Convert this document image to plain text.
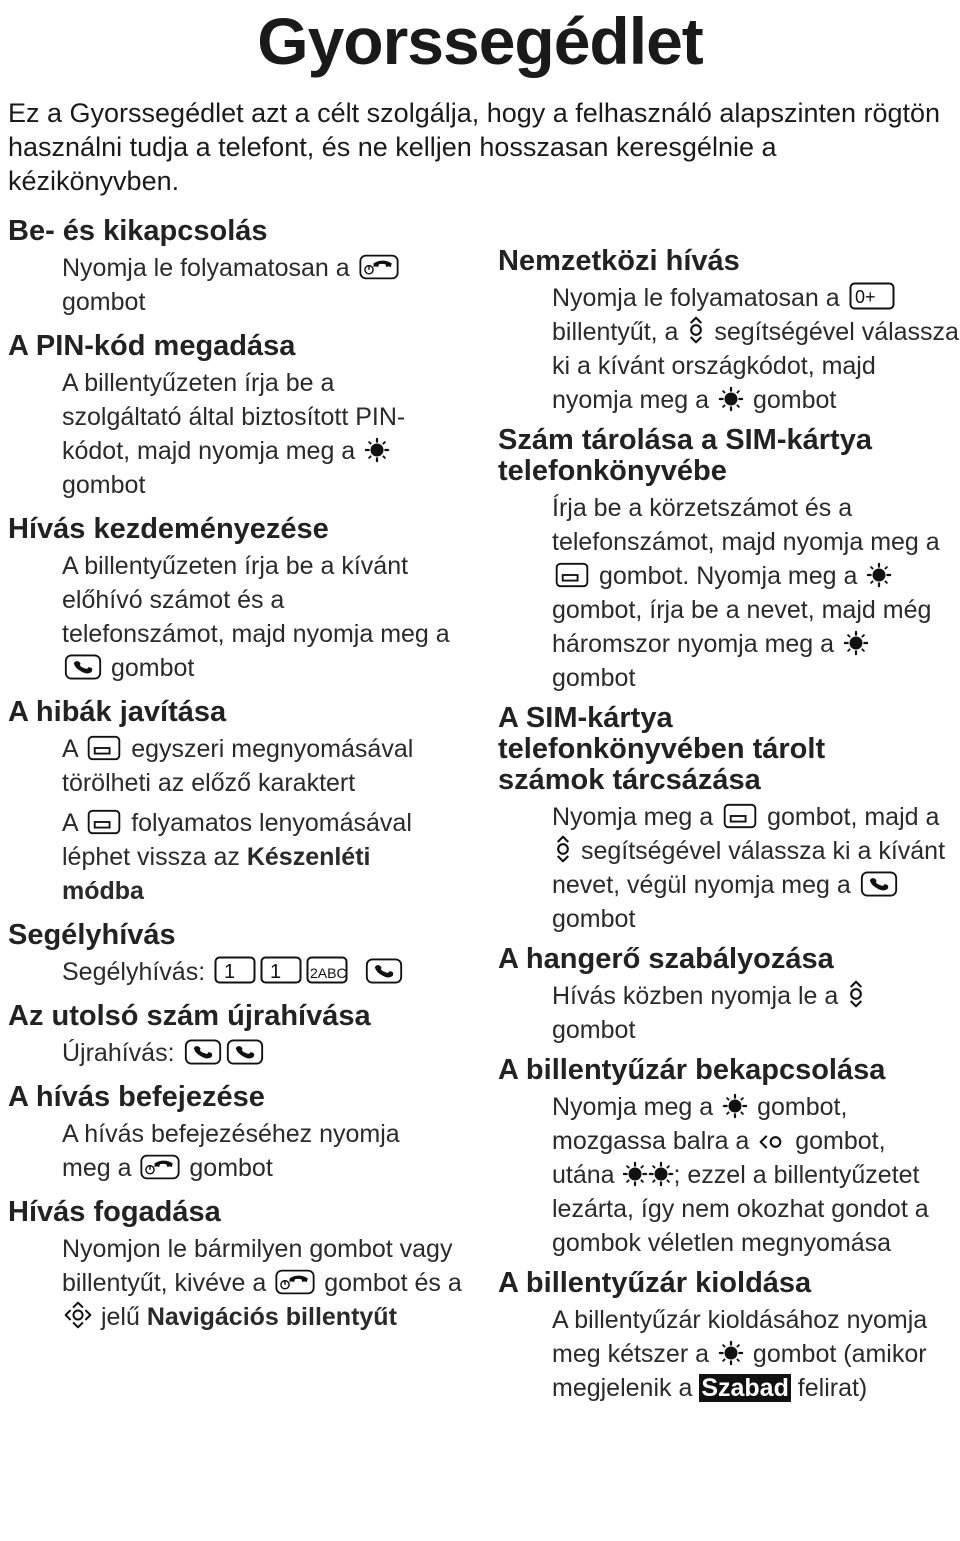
Gyorssegédlet

Ez a Gyorssegédlet azt a célt szolgálja, hogy a felhasználó alapszinten rögtön használni tudja a telefont, és ne kelljen hosszasan keresgélnie a kézikönyvben.

Be- és kikapcsolás
Nyomja le folyamatosan a
gombot
A PIN-kód megadása
A billentyűzeten írja be a szolgáltató által biztosított PIN-kódot, majd nyomja meg a
gombot
Hívás kezdeményezése
A billentyűzeten írja be a kívánt előhívó számot és a telefonszámot, majd nyomja meg a
gombot
A hibák javítása

A egyszeri megnyomásával törölheti az előző karaktert

A folyamatos lenyomásával léphet vissza az Készenléti módba

Segélyhívás
Segélyhívás: 1 1 2ABC

Az utolsó szám újrahívása
Újrahívás:
A hívás befejezése
A hívás befejezéséhez nyomja meg a gombot
Hívás fogadása
Nyomjon le bármilyen gombot vagy billentyűt, kivéve a gombot és a
jelű Navigációs billentyűt
Nemzetközi hívás
Nyomja le folyamatosan a 0+
billentyűt, a segítségével válassza ki a kívánt országkódot, majd nyomja meg a gombot
Szám tárolása a SIM-kártya telefonkönyvébe
Írja be a körzetszámot és a telefonszámot, majd nyomja meg a
gombot. Nyomja meg a
gombot, írja be a nevet, majd még háromszor nyomja meg a
gombot
A SIM-kártya telefonkönyvében tárolt számok tárcsázása
Nyomja meg a gombot, majd a
segítségével válassza ki a kívánt nevet, végül nyomja meg a
gombot
A hangerő szabályozása
Hívás közben nyomja le a
gombot
A billentyűzár bekapcsolása
Nyomja meg a gombot, mozgassa balra a gombot, utána ; ezzel a billentyűzetet lezárta, így nem okozhat gondot a gombok véletlen megnyomása
A billentyűzár kioldása
A billentyűzár kioldásához nyomja meg kétszer a gombot (amikor megjelenik a Szabad felirat)
